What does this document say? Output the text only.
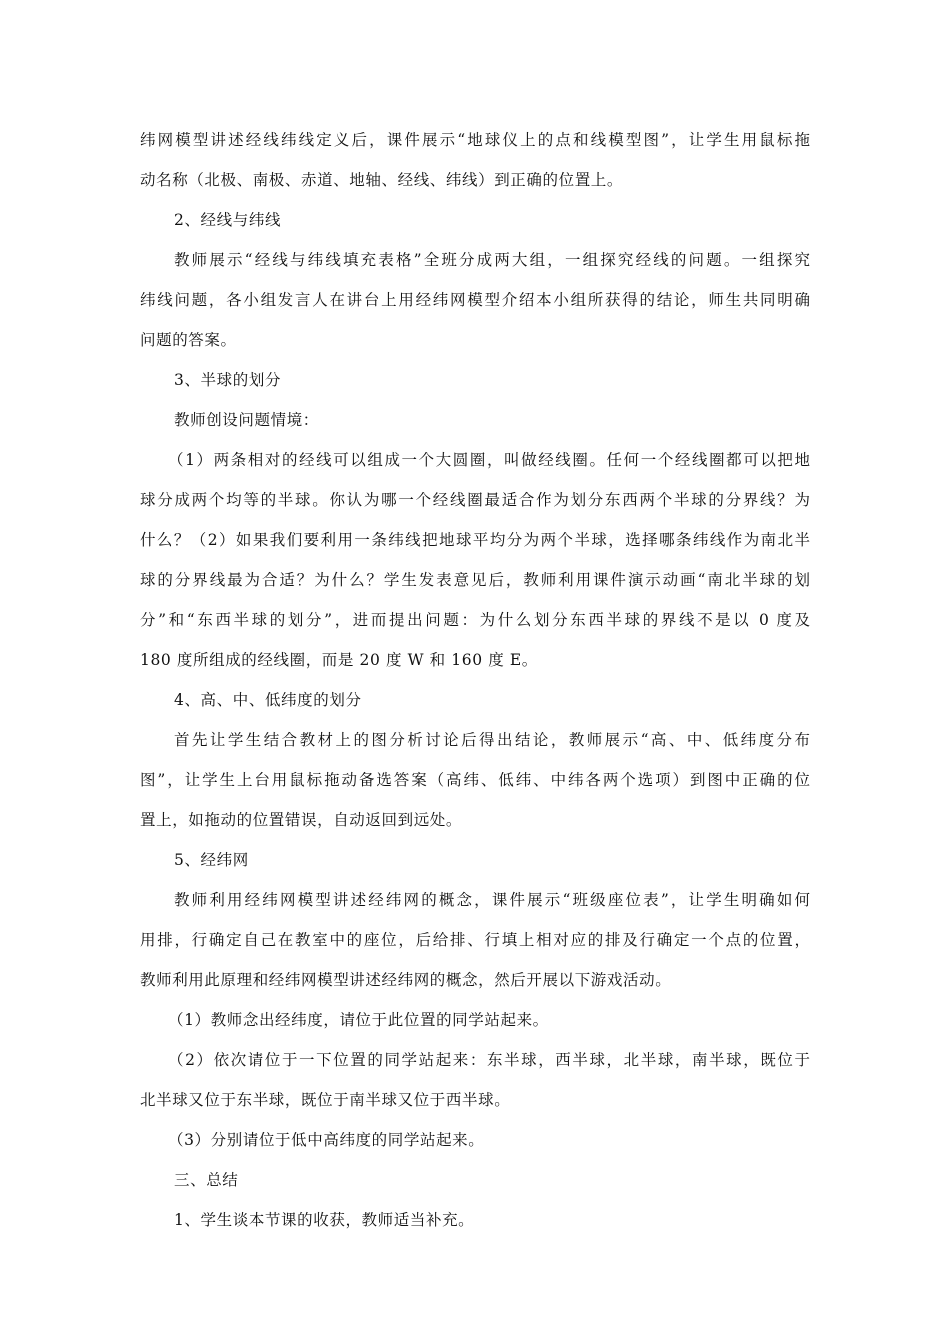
纬网模型讲述经线纬线定义后，课件展示“地球仪上的点和线模型图”，让学生用鼠标拖
动名称（北极、南极、赤道、地轴、经线、纬线）到正确的位置上。
2、经线与纬线
教师展示“经线与纬线填充表格”全班分成两大组，一组探究经线的问题。一组探究
纬线问题，各小组发言人在讲台上用经纬网模型介绍本小组所获得的结论，师生共同明确
问题的答案。
3、半球的划分
教师创设问题情境：
（1）两条相对的经线可以组成一个大圆圈，叫做经线圈。任何一个经线圈都可以把地
球分成两个均等的半球。你认为哪一个经线圈最适合作为划分东西两个半球的分界线？为
什么？（2）如果我们要利用一条纬线把地球平均分为两个半球，选择哪条纬线作为南北半
球的分界线最为合适？为什么？学生发表意见后，教师利用课件演示动画“南北半球的划
分”和“东西半球的划分”，进而提出问题：为什么划分东西半球的界线不是以 0 度及
180 度所组成的经线圈，而是 20 度 W 和 160 度 E。
4、高、中、低纬度的划分
首先让学生结合教材上的图分析讨论后得出结论，教师展示“高、中、低纬度分布
图”，让学生上台用鼠标拖动备选答案（高纬、低纬、中纬各两个选项）到图中正确的位
置上，如拖动的位置错误，自动返回到远处。
5、经纬网
教师利用经纬网模型讲述经纬网的概念，课件展示“班级座位表”，让学生明确如何
用排，行确定自己在教室中的座位，后给排、行填上相对应的排及行确定一个点的位置，
教师利用此原理和经纬网模型讲述经纬网的概念，然后开展以下游戏活动。
（1）教师念出经纬度，请位于此位置的同学站起来。
（2）依次请位于一下位置的同学站起来：东半球，西半球，北半球，南半球，既位于
北半球又位于东半球，既位于南半球又位于西半球。
（3）分别请位于低中高纬度的同学站起来。
三、总结
1、学生谈本节课的收获，教师适当补充。
